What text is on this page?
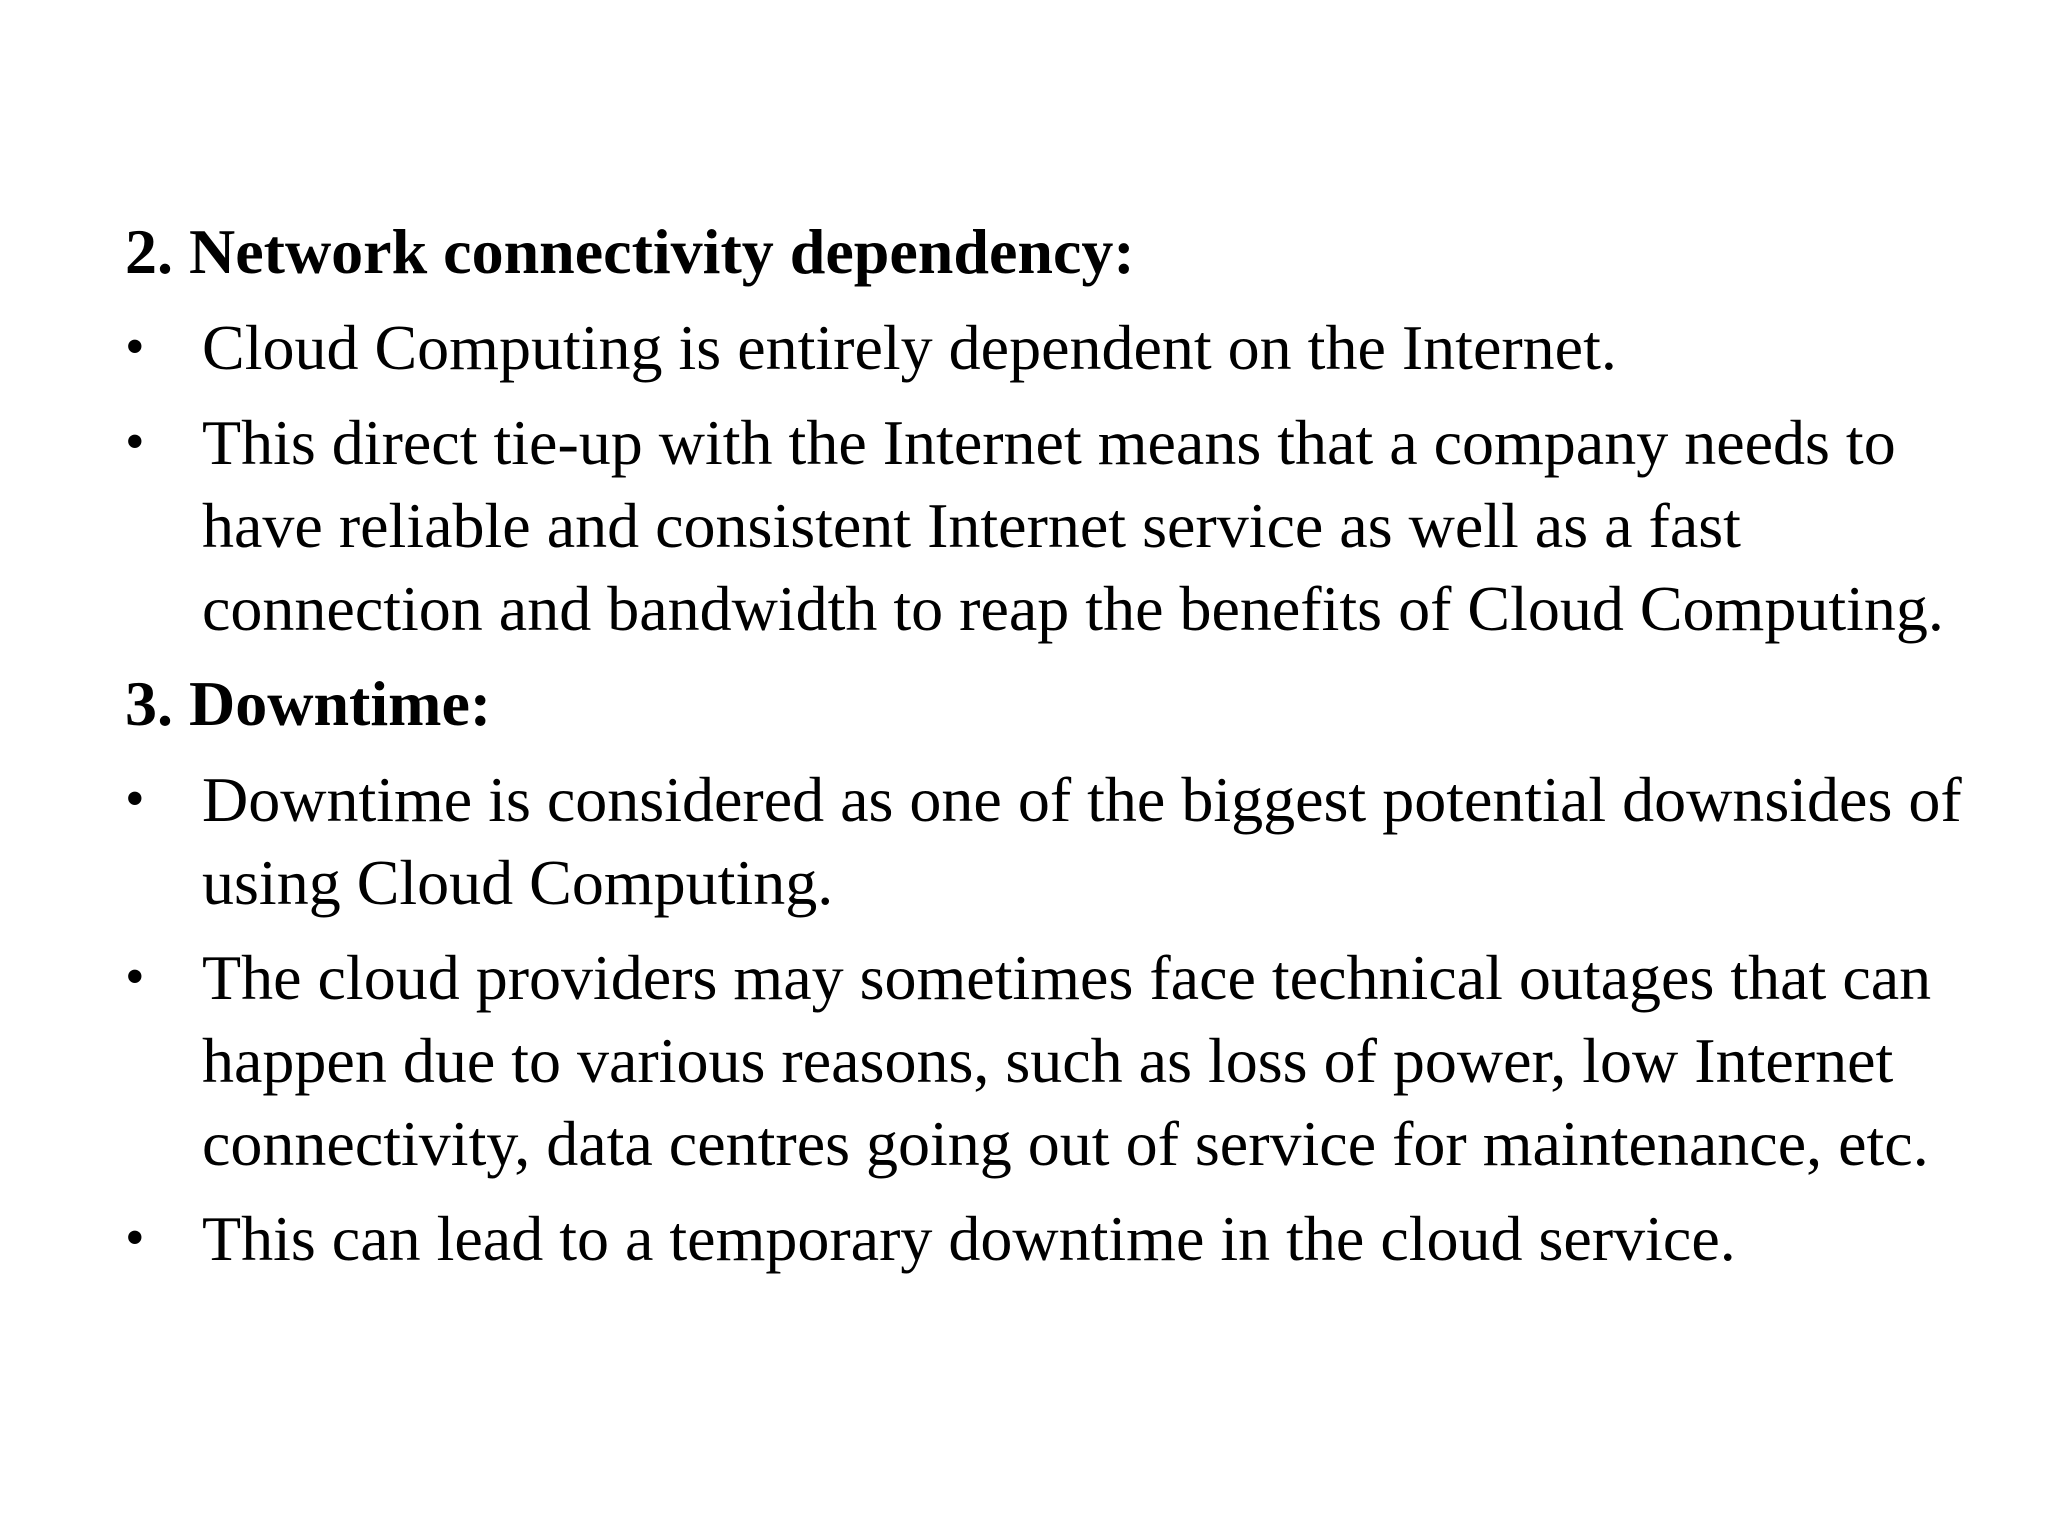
2. Network connectivity dependency:
• Cloud Computing is entirely dependent on the Internet.
• This direct tie-up with the Internet means that a company needs to have reliable and consistent Internet service as well as a fast connection and bandwidth to reap the benefits of Cloud Computing.
3. Downtime:
• Downtime is considered as one of the biggest potential downsides of using Cloud Computing.
• The cloud providers may sometimes face technical outages that can happen due to various reasons, such as loss of power, low Internet connectivity, data centres going out of service for maintenance, etc.
• This can lead to a temporary downtime in the cloud service.
